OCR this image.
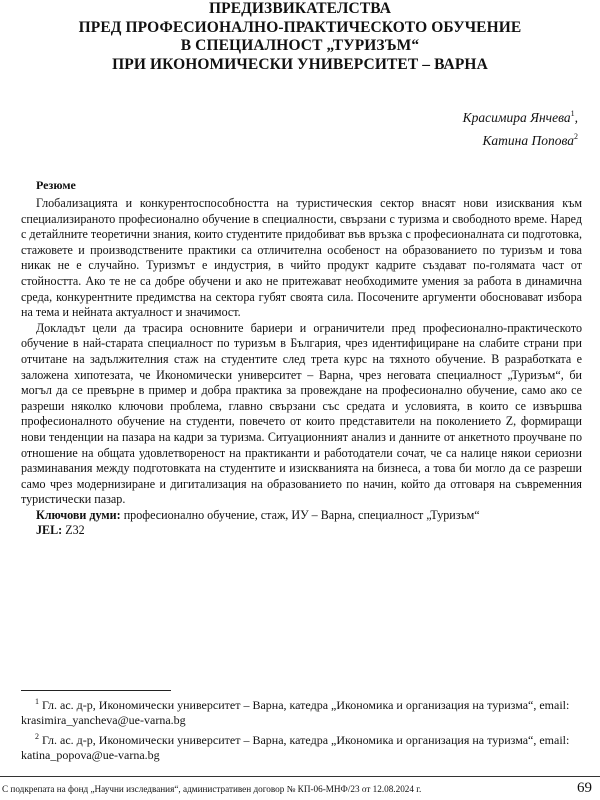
ПРЕДИЗВИКАТЕЛСТВА
ПРЕД ПРОФЕСИОНАЛНО-ПРАКТИЧЕСКОТО ОБУЧЕНИЕ
В СПЕЦИАЛНОСТ „ТУРИЗЪМ“
ПРИ ИКОНОМИЧЕСКИ УНИВЕРСИТЕТ – ВАРНА
Красимира Янчева$^1$,
Катина Попова$^2$
Резюме

Глобализацията и конкурентоспособността на туристическия сектор внасят нови изисквания към специализираното професионално обучение в специалности, свързани с туризма и свободното време. Наред с детайлните теоретични знания, които студентите придобиват във връзка с професионалната си подготовка, стажовете и производствените практики са отличителна особеност на образованието по туризъм и това никак не е случайно. Туризмът е индустрия, в чийто продукт кадрите създават по-голямата част от стойността. Ако те не са добре обучени и ако не притежават необходимите умения за работа в динамична среда, конкурентните предимства на сектора губят своята сила. Посочените аргументи обосновават избора на тема и нейната актуалност и значимост.

Докладът цели да трасира основните бариери и ограничители пред професионално-практическото обучение в най-старата специалност по туризъм в България, чрез идентифициране на слабите страни при отчитане на задължителния стаж на студентите след трета курс на тяхното обучение. В разработката е заложена хипотезата, че Икономически университет – Варна, чрез неговата специалност „Туризъм“, би могъл да се превърне в пример и добра практика за провеждане на професионално обучение, само ако се разреши няколко ключови проблема, главно свързани със средата и условията, в които се извършва професионалното обучение на студенти, повечето от които представители на поколението Z, формиращи нови тенденции на пазара на кадри за туризма. Ситуационният анализ и данните от анкетното проучване по отношение на общата удовлетвореност на практиканти и работодатели сочат, че са налице някои сериозни разминавания между подготовката на студентите и изискванията на бизнеса, а това би могло да се разреши само чрез модернизиране и дигитализация на образованието по начин, който да отговаря на съвременния туристически пазар.

Ключови думи: професионално обучение, стаж, ИУ – Варна, специалност „Туризъм“

JEL: Z32

$^1$ Гл. ас. д-р, Икономически университет – Варна, катедра „Икономика и организация на туризма“, email: krasimira_yancheva@ue-varna.bg

$^2$ Гл. ас. д-р, Икономически университет – Варна, катедра „Икономика и организация на туризма“, email: katina_popova@ue-varna.bg

С подкрепата на фонд „Научни изследвания“, административен договор № КП-06-МНФ/23 от 12.08.2024 г.	69
